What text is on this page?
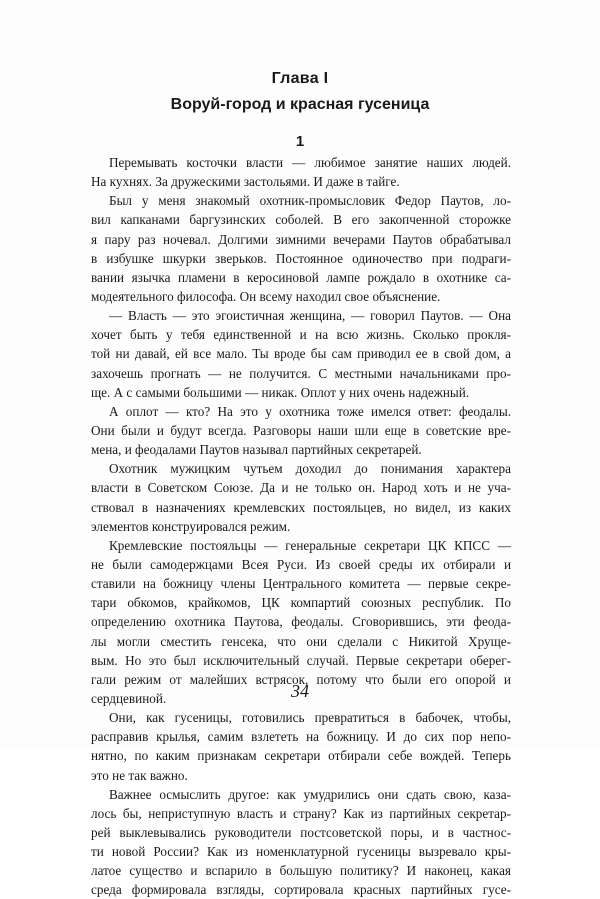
Глава I
Воруй-город и красная гусеница
1
Перемывать косточки власти — любимое занятие наших людей.
На кухнях. За дружескими застольями. И даже в тайге.
Был у меня знакомый охотник-промысловик Федор Паутов, ло-
вил капканами баргузинских соболей. В его закопченной сторожке
я пару раз ночевал. Долгими зимними вечерами Паутов обрабатывал
в избушке шкурки зверьков. Постоянное одиночество при подраги-
вании язычка пламени в керосиновой лампе рождало в охотнике са-
модеятельного философа. Он всему находил свое объяснение.
— Власть — это эгоистичная женщина, — говорил Паутов. — Она
хочет быть у тебя единственной и на всю жизнь. Сколько прокля-
той ни давай, ей все мало. Ты вроде бы сам приводил ее в свой дом, а
захочешь прогнать — не получится. С местными начальниками про-
ще. А с самыми большими — никак. Оплот у них очень надежный.
А оплот — кто? На это у охотника тоже имелся ответ: феодалы.
Они были и будут всегда. Разговоры наши шли еще в советские вре-
мена, и феодалами Паутов называл партийных секретарей.
Охотник мужицким чутьем доходил до понимания характера
власти в Советском Союзе. Да и не только он. Народ хоть и не уча-
ствовал в назначениях кремлевских постояльцев, но видел, из каких
элементов конструировался режим.
Кремлевские постояльцы — генеральные секретари ЦК КПСС —
не были самодержцами Всея Руси. Из своей среды их отбирали и
ставили на божницу члены Центрального комитета — первые секре-
тари обкомов, крайкомов, ЦК компартий союзных республик. По
определению охотника Паутова, феодалы. Сговорившись, эти феода-
лы могли сместить генсека, что они сделали с Никитой Хруще-
вым. Но это был исключительный случай. Первые секретари оберег-
гали режим от малейших встрясок, потому что были его опорой и
сердцевиной.
Они, как гусеницы, готовились превратиться в бабочек, чтобы,
расправив крылья, самим взлететь на божницу. И до сих пор непо-
нятно, по каким признакам секретари отбирали себе вождей. Теперь
это не так важно.
Важнее осмыслить другое: как умудрились они сдать свою, каза-
лось бы, неприступную власть и страну? Как из партийных секретар-
рей выклевывались руководители постсоветской поры, и в частнос-
ти новой России? Как из номенклатурной гусеницы вызревало кры-
латое существо и вспарило в большую политику? И наконец, какая
среда формировала взгляды, сортировала красных партийных гусе-
34
